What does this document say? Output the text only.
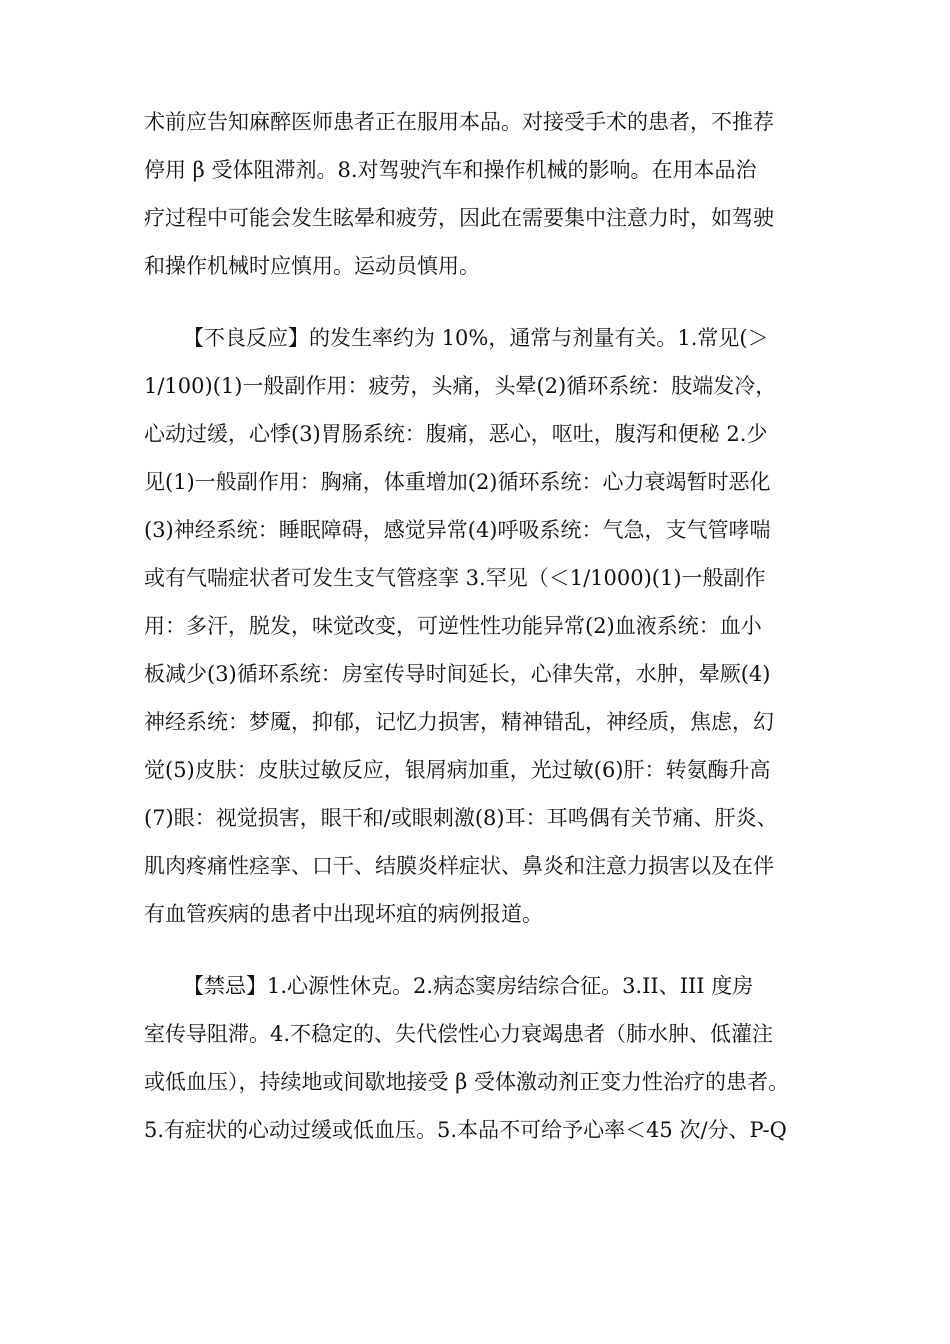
术前应告知麻醉医师患者正在服用本品。对接受手术的患者，不推荐
停用 β 受体阻滞剂。8.对驾驶汽车和操作机械的影响。在用本品治
疗过程中可能会发生眩晕和疲劳，因此在需要集中注意力时，如驾驶
和操作机械时应慎用。运动员慎用。
【不良反应】的发生率约为 10%，通常与剂量有关。1.常见(＞
1/100)(1)一般副作用：疲劳，头痛，头晕(2)循环系统：肢端发冷，
心动过缓，心悸(3)胃肠系统：腹痛，恶心，呕吐，腹泻和便秘 2.少
见(1)一般副作用：胸痛，体重增加(2)循环系统：心力衰竭暂时恶化
(3)神经系统：睡眠障碍，感觉异常(4)呼吸系统：气急，支气管哮喘
或有气喘症状者可发生支气管痉挛 3.罕见（＜1/1000)(1)一般副作
用：多汗，脱发，味觉改变，可逆性性功能异常(2)血液系统：血小
板减少(3)循环系统：房室传导时间延长，心律失常，水肿，晕厥(4)
神经系统：梦魇，抑郁，记忆力损害，精神错乱，神经质，焦虑，幻
觉(5)皮肤：皮肤过敏反应，银屑病加重，光过敏(6)肝：转氨酶升高
(7)眼：视觉损害，眼干和/或眼刺激(8)耳：耳鸣偶有关节痛、肝炎、
肌肉疼痛性痉挛、口干、结膜炎样症状、鼻炎和注意力损害以及在伴
有血管疾病的患者中出现坏疽的病例报道。
【禁忌】1.心源性休克。2.病态窦房结综合征。3.II、III 度房
室传导阻滞。4.不稳定的、失代偿性心力衰竭患者（肺水肿、低灌注
或低血压），持续地或间歇地接受 β 受体激动剂正变力性治疗的患者。
5.有症状的心动过缓或低血压。5.本品不可给予心率＜45 次/分、P-Q
